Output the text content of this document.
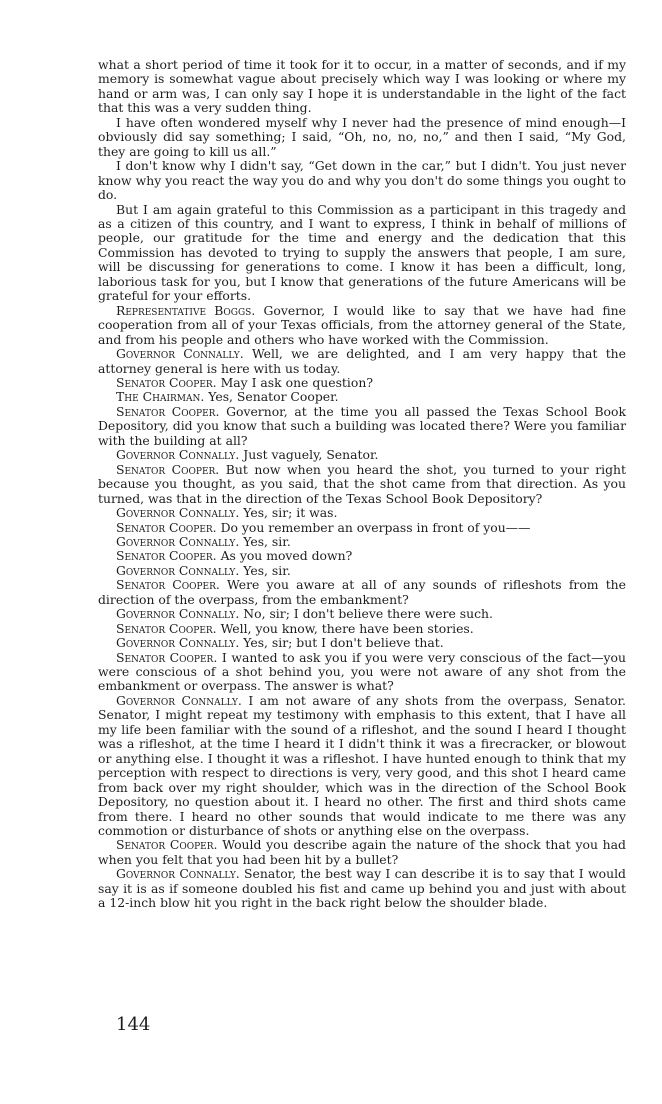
what a short period of time it took for it to occur, in a matter of seconds, and if my memory is somewhat vague about precisely which way I was looking or where my hand or arm was, I can only say I hope it is understandable in the light of the fact that this was a very sudden thing.

I have often wondered myself why I never had the presence of mind enough—I obviously did say something; I said, “Oh, no, no, no,” and then I said, “My God, they are going to kill us all.”

I don't know why I didn't say, “Get down in the car,” but I didn't. You just never know why you react the way you do and why you don't do some things you ought to do.

But I am again grateful to this Commission as a participant in this tragedy and as a citizen of this country, and I want to express, I think in behalf of millions of people, our gratitude for the time and energy and the dedication that this Commission has devoted to trying to supply the answers that people, I am sure, will be discussing for generations to come. I know it has been a difficult, long, laborious task for you, but I know that generations of the future Americans will be grateful for your efforts.

Representative Boggs. Governor, I would like to say that we have had fine cooperation from all of your Texas officials, from the attorney general of the State, and from his people and others who have worked with the Commission.

Governor Connally. Well, we are delighted, and I am very happy that the attorney general is here with us today.

Senator Cooper. May I ask one question?

The Chairman. Yes, Senator Cooper.

Senator Cooper. Governor, at the time you all passed the Texas School Book Depository, did you know that such a building was located there? Were you familiar with the building at all?

Governor Connally. Just vaguely, Senator.

Senator Cooper. But now when you heard the shot, you turned to your right because you thought, as you said, that the shot came from that direction. As you turned, was that in the direction of the Texas School Book Depository?

Governor Connally. Yes, sir; it was.

Senator Cooper. Do you remember an overpass in front of you——

Governor Connally. Yes, sir.

Senator Cooper. As you moved down?

Governor Connally. Yes, sir.

Senator Cooper. Were you aware at all of any sounds of rifleshots from the direction of the overpass, from the embankment?

Governor Connally. No, sir; I don't believe there were such.

Senator Cooper. Well, you know, there have been stories.

Governor Connally. Yes, sir; but I don't believe that.

Senator Cooper. I wanted to ask you if you were very conscious of the fact—you were conscious of a shot behind you, you were not aware of any shot from the embankment or overpass. The answer is what?

Governor Connally. I am not aware of any shots from the overpass, Senator. Senator, I might repeat my testimony with emphasis to this extent, that I have all my life been familiar with the sound of a rifleshot, and the sound I heard I thought was a rifleshot, at the time I heard it I didn't think it was a firecracker, or blowout or anything else. I thought it was a rifleshot. I have hunted enough to think that my perception with respect to directions is very, very good, and this shot I heard came from back over my right shoulder, which was in the direction of the School Book Depository, no question about it. I heard no other. The first and third shots came from there. I heard no other sounds that would indicate to me there was any commotion or disturbance of shots or anything else on the overpass.

Senator Cooper. Would you describe again the nature of the shock that you had when you felt that you had been hit by a bullet?

Governor Connally. Senator, the best way I can describe it is to say that I would say it is as if someone doubled his fist and came up behind you and just with about a 12-inch blow hit you right in the back right below the shoulder blade.

144
